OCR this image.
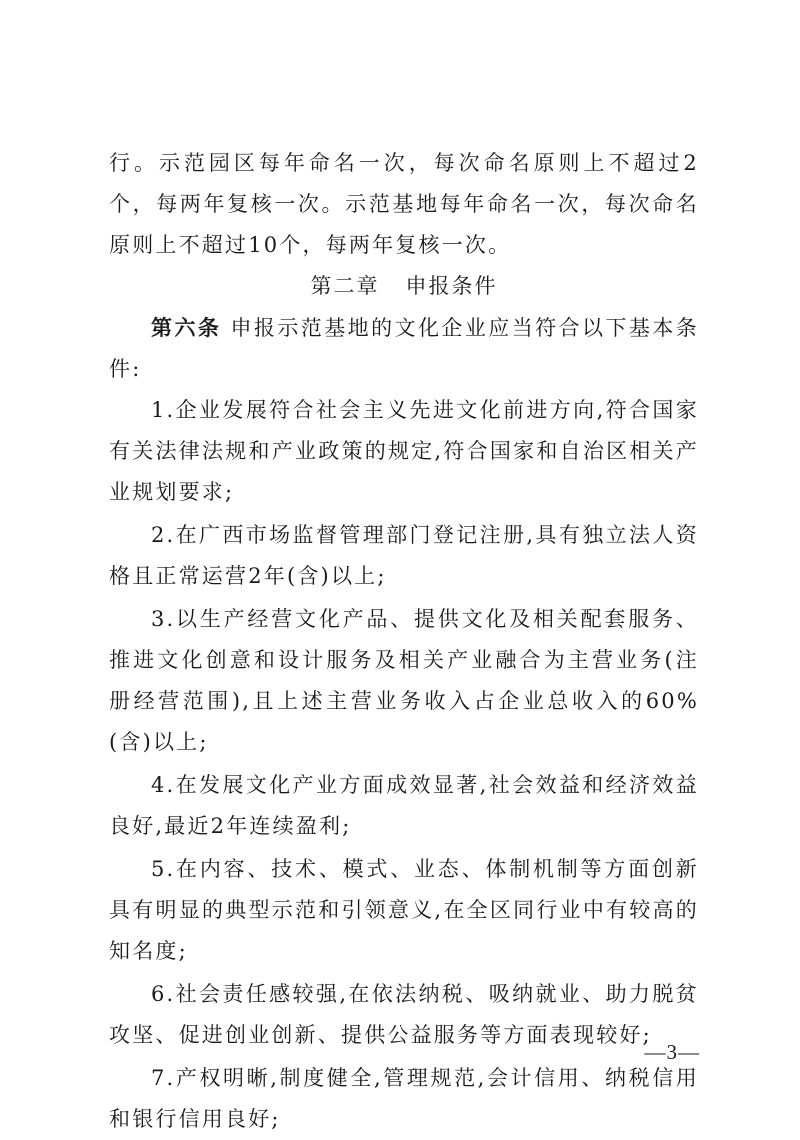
行。示范园区每年命名一次，每次命名原则上不超过2个，每两年复核一次。示范基地每年命名一次，每次命名原则上不超过10个，每两年复核一次。

第二章 申报条件

第六条 申报示范基地的文化企业应当符合以下基本条件:

1.企业发展符合社会主义先进文化前进方向,符合国家有关法律法规和产业政策的规定,符合国家和自治区相关产业规划要求;

2.在广西市场监督管理部门登记注册,具有独立法人资格且正常运营2年(含)以上;

3.以生产经营文化产品、提供文化及相关配套服务、推进文化创意和设计服务及相关产业融合为主营业务(注册经营范围),且上述主营业务收入占企业总收入的60%(含)以上;

4.在发展文化产业方面成效显著,社会效益和经济效益良好,最近2年连续盈利;

5.在内容、技术、模式、业态、体制机制等方面创新具有明显的典型示范和引领意义,在全区同行业中有较高的知名度;

6.社会责任感较强,在依法纳税、吸纳就业、助力脱贫攻坚、促进创业创新、提供公益服务等方面表现较好;

7.产权明晰,制度健全,管理规范,会计信用、纳税信用和银行信用良好;

—3—
